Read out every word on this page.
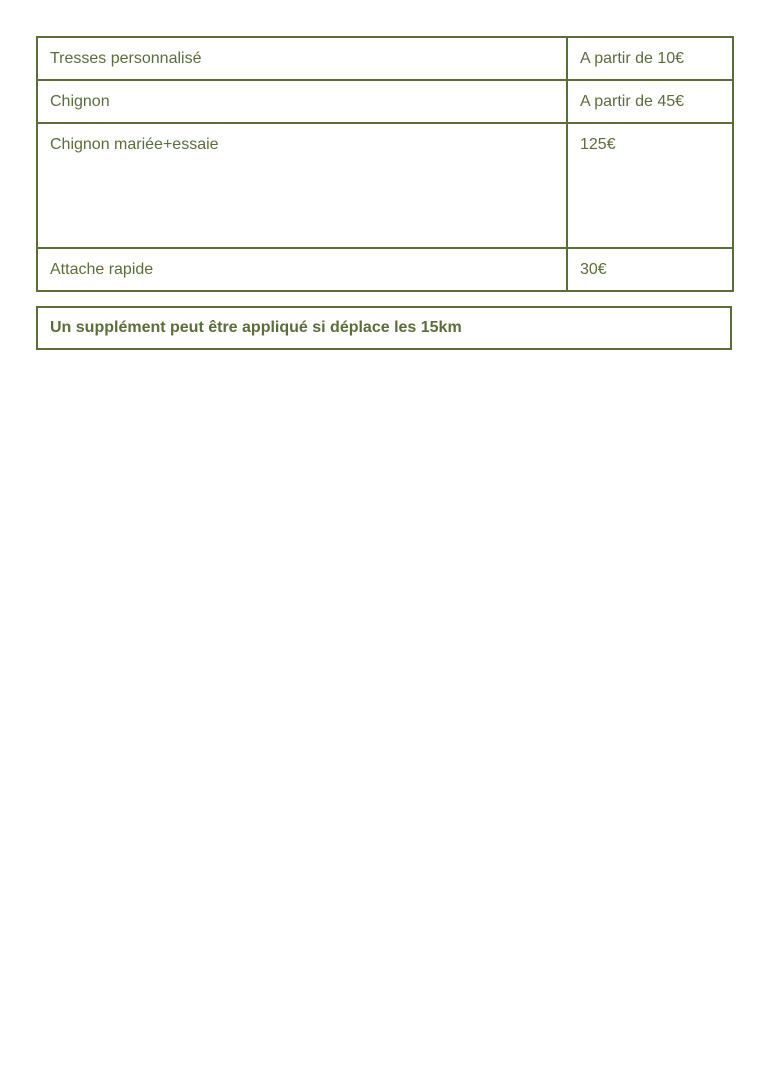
Tresses personnalisé	A partir de 10€
Chignon	A partir de 45€
Chignon mariée+essaie	125€
Attache rapide	30€
Un supplément peut être appliqué si déplace les 15km
